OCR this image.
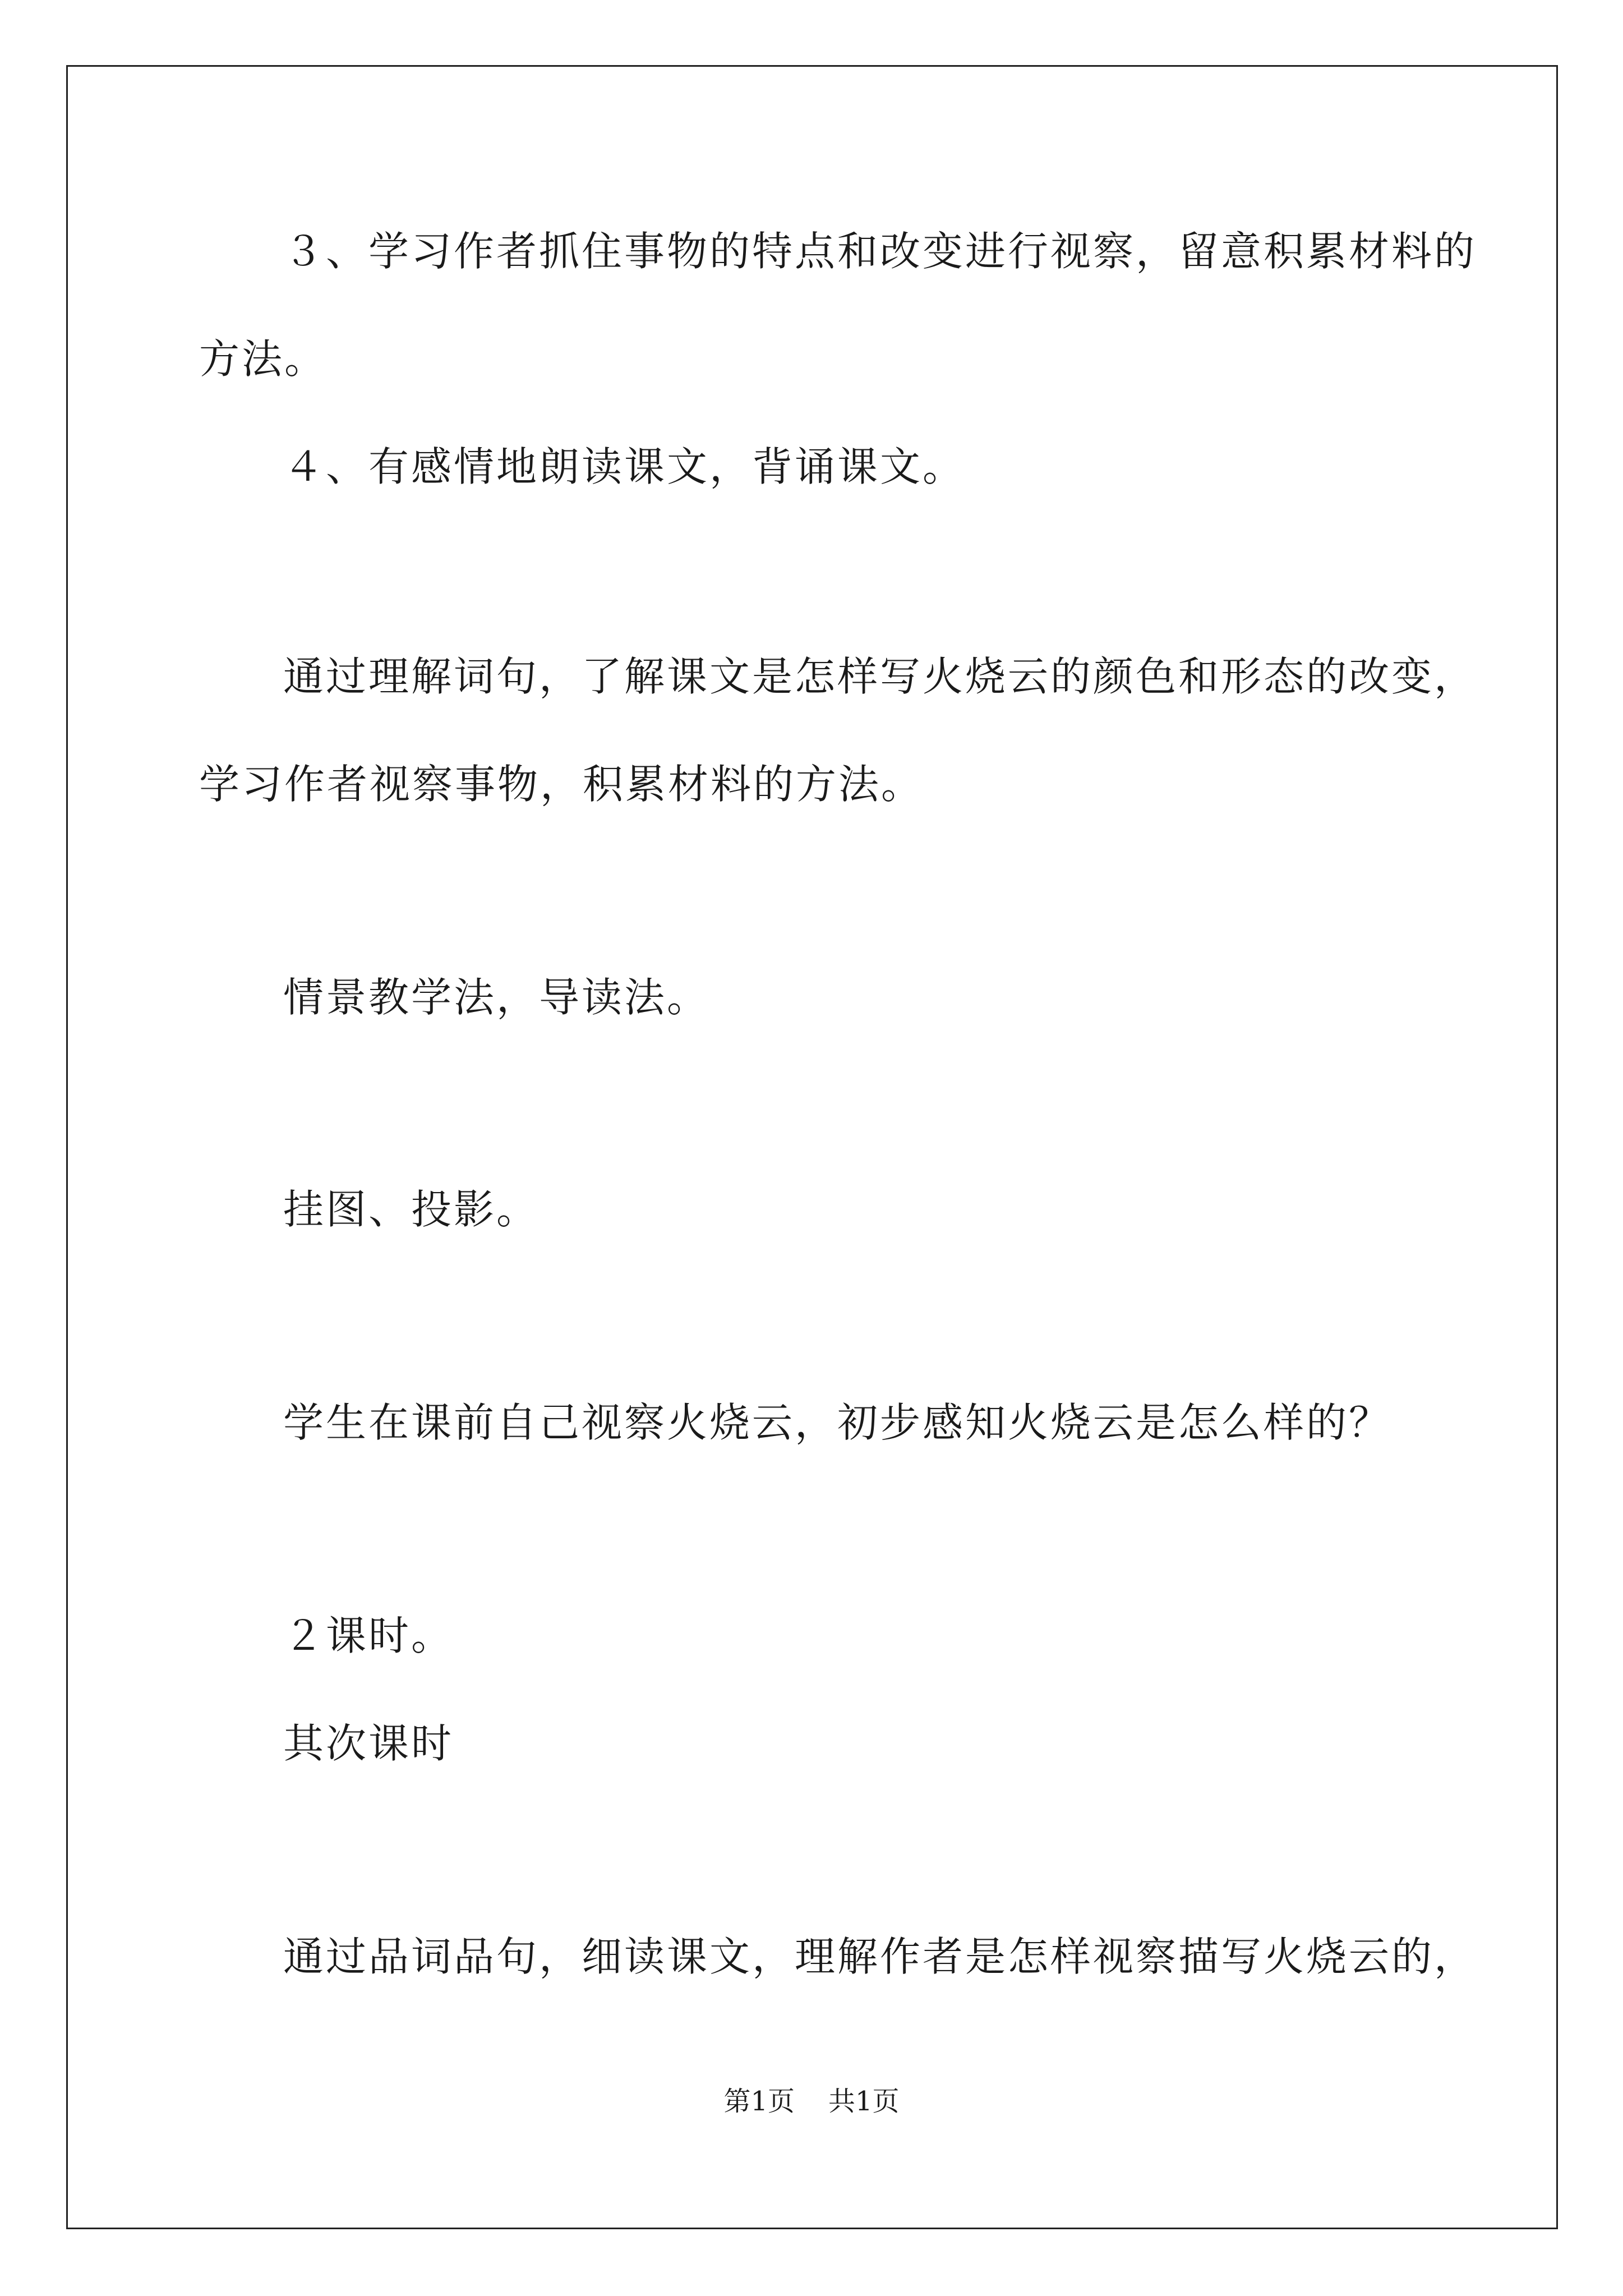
３、学习作者抓住事物的特点和改变进行视察，留意积累材料的

方法。

４、有感情地朗读课文，背诵课文。

通过理解词句，了解课文是怎样写火烧云的颜色和形态的改变，

学习作者视察事物，积累材料的方法。

情景教学法，导读法。

挂图、投影。

学生在课前自己视察火烧云，初步感知火烧云是怎么样的？

２课时。

其次课时

通过品词品句，细读课文，理解作者是怎样视察描写火烧云的，

第1页 共1页
